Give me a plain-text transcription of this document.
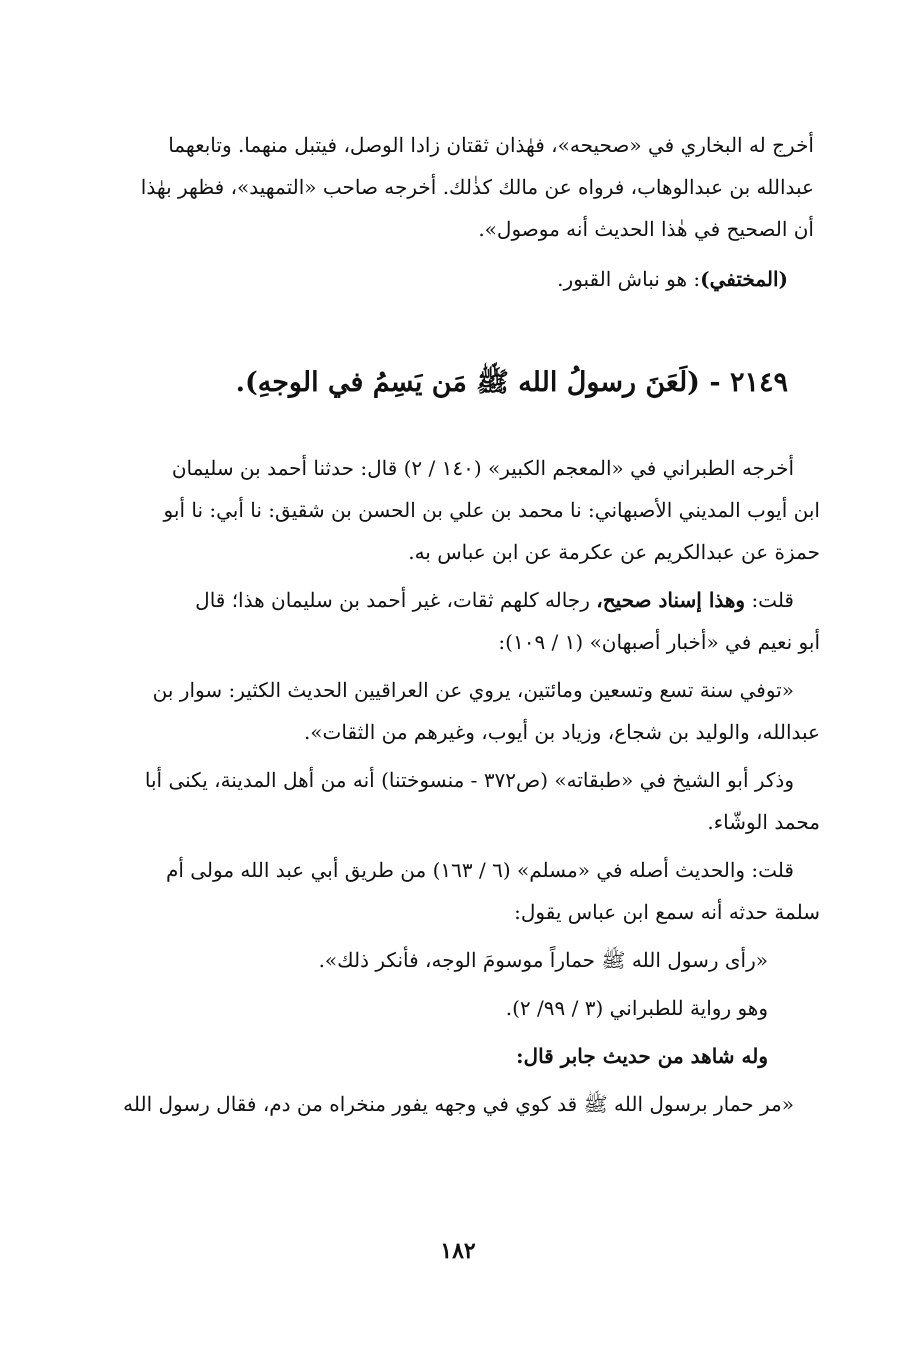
أخرج له البخاري في «صحيحه»، فهٰذان ثقتان زادا الوصل، فيتبل منهما. وتابعهما

عبدالله بن عبدالوهاب، فرواه عن مالك كذٰلك. أخرجه صاحب «التمهيد»، فظهر بهٰذا

أن الصحيح في هٰذا الحديث أنه موصول».

(المختفي): هو نباش القبور.

٢١٤٩ - (لَعَنَ رسولُ الله ﷺ مَن يَسِمُ في الوجهِ).

أخرجه الطبراني في «المعجم الكبير» (١٤٠ / ٢) قال: حدثنا أحمد بن سليمان

ابن أيوب المديني الأصبهاني: نا محمد بن علي بن الحسن بن شقيق: نا أبي: نا أبو

حمزة عن عبدالكريم عن عكرمة عن ابن عباس به.

قلت: وهذا إسناد صحيح، رجاله كلهم ثقات، غير أحمد بن سليمان هذا؛ قال

أبو نعيم في «أخبار أصبهان» (١ / ١٠٩):

«توفي سنة تسع وتسعين ومائتين، يروي عن العراقيين الحديث الكثير: سوار بن

عبدالله، والوليد بن شجاع، وزياد بن أيوب، وغيرهم من الثقات».

وذكر أبو الشيخ في «طبقاته» (ص٣٧٢ - منسوختنا) أنه من أهل المدينة، يكنى أبا

محمد الوشّاء.

قلت: والحديث أصله في «مسلم» (٦ / ١٦٣) من طريق أبي عبد الله مولى أم

سلمة حدثه أنه سمع ابن عباس يقول:

«رأى رسول الله ﷺ حماراً موسومَ الوجه، فأنكر ذلك».

وهو رواية للطبراني (٣ / ٩٩/ ٢).

وله شاهد من حديث جابر قال:

«مر حمار برسول الله ﷺ قد كوي في وجهه يفور منخراه من دم، فقال رسول الله

١٨٢
